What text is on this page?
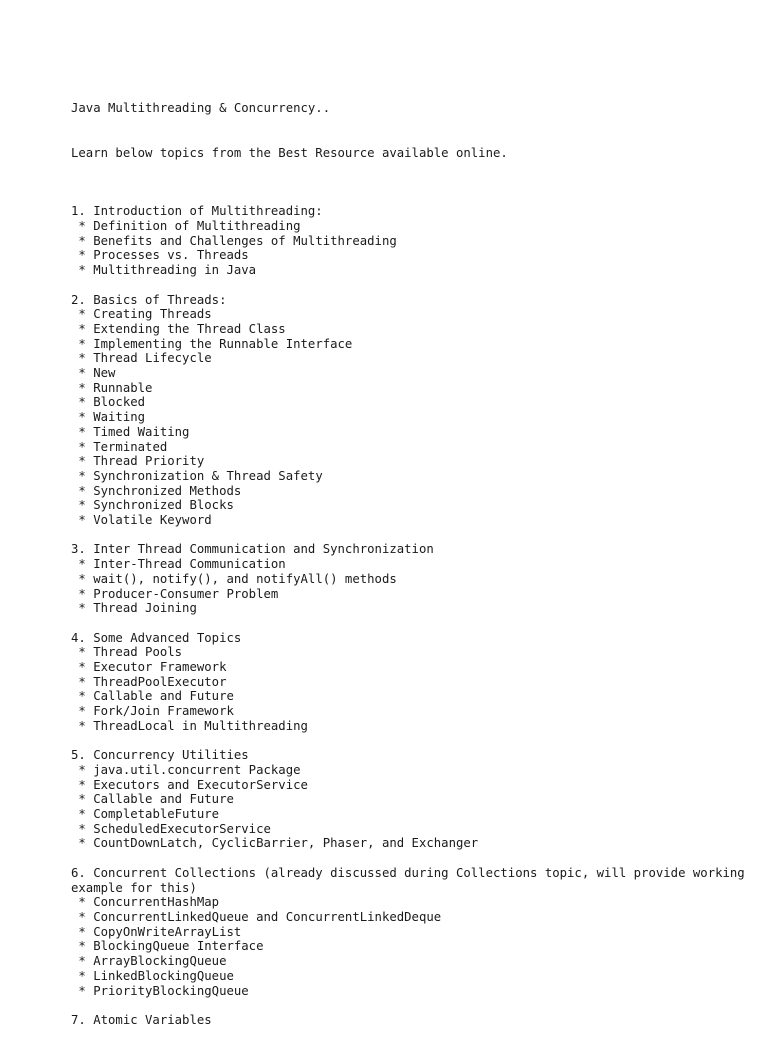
Java Multithreading & Concurrency..

Learn below topics from the Best Resource available online.

1. Introduction of Multithreading:
* Definition of Multithreading
* Benefits and Challenges of Multithreading
* Processes vs. Threads
* Multithreading in Java
2. Basics of Threads:
* Creating Threads
* Extending the Thread Class
* Implementing the Runnable Interface
* Thread Lifecycle
* New
* Runnable
* Blocked
* Waiting
* Timed Waiting
* Terminated
* Thread Priority
* Synchronization & Thread Safety
* Synchronized Methods
* Synchronized Blocks
* Volatile Keyword
3. Inter Thread Communication and Synchronization
* Inter-Thread Communication
* wait(), notify(), and notifyAll() methods
* Producer-Consumer Problem
* Thread Joining
4. Some Advanced Topics
* Thread Pools
* Executor Framework
* ThreadPoolExecutor
* Callable and Future
* Fork/Join Framework
* ThreadLocal in Multithreading
5. Concurrency Utilities
* java.util.concurrent Package
* Executors and ExecutorService
* Callable and Future
* CompletableFuture
* ScheduledExecutorService
* CountDownLatch, CyclicBarrier, Phaser, and Exchanger
6. Concurrent Collections (already discussed during Collections topic, will provide working example for this)
* ConcurrentHashMap
* ConcurrentLinkedQueue and ConcurrentLinkedDeque
* CopyOnWriteArrayList
* BlockingQueue Interface
* ArrayBlockingQueue
* LinkedBlockingQueue
* PriorityBlockingQueue
7. Atomic Variables
